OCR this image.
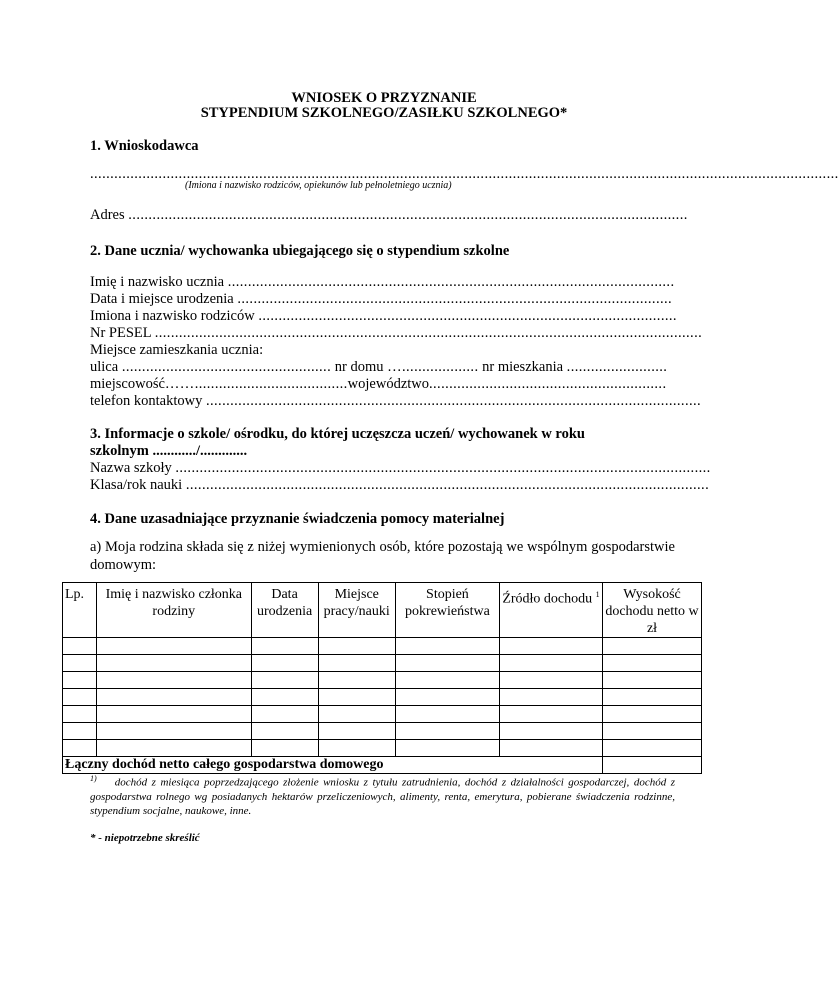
WNIOSEK O PRZYZNANIE
STYPENDIUM SZKOLNEGO/ZASIŁKU SZKOLNEGO*
1. Wnioskodawca
..........................................................................................................................................................................................
(Imiona i nazwisko rodziców, opiekunów lub pełnoletniego ucznia)
Adres ...........................................................................................................................................
2. Dane ucznia/ wychowanka ubiegającego się o stypendium szkolne
Imię i nazwisko ucznia ...............................................................................................................
Data i miejsce urodzenia ............................................................................................................
Imiona i nazwisko rodziców ........................................................................................................
Nr PESEL ........................................................................................................................................
Miejsce zamieszkania ucznia:
ulica .................................................... nr domu …................... nr mieszkania .........................
miejscowość……......................................województwo...........................................................
telefon kontaktowy ...........................................................................................................................
3. Informacje o szkole/ ośrodku, do której uczęszcza uczeń/ wychowanek w roku
szkolnym ............/.............
Nazwa szkoły .....................................................................................................................................
Klasa/rok nauki ..................................................................................................................................
4. Dane uzasadniające przyznanie świadczenia pomocy materialnej
a) Moja rodzina składa się z niżej wymienionych osób, które pozostają we wspólnym gospodarstwie domowym:
Lp.	Imię i nazwisko członka rodziny	Data urodzenia	Miejsce pracy/nauki	Stopień pokrewieństwa	Źródło dochodu $^1$	Wysokość dochodu netto w zł

Łączny dochód netto całego gospodarstwa domowego						
$^{1)}$ dochód z miesiąca poprzedzającego złożenie wniosku z tytułu zatrudnienia, dochód z działalności gospodarczej, dochód z gospodarstwa rolnego wg posiadanych hektarów przeliczeniowych, alimenty, renta, emerytura, pobierane świadczenia rodzinne, stypendium socjalne, naukowe, inne.
* - niepotrzebne skreślić
